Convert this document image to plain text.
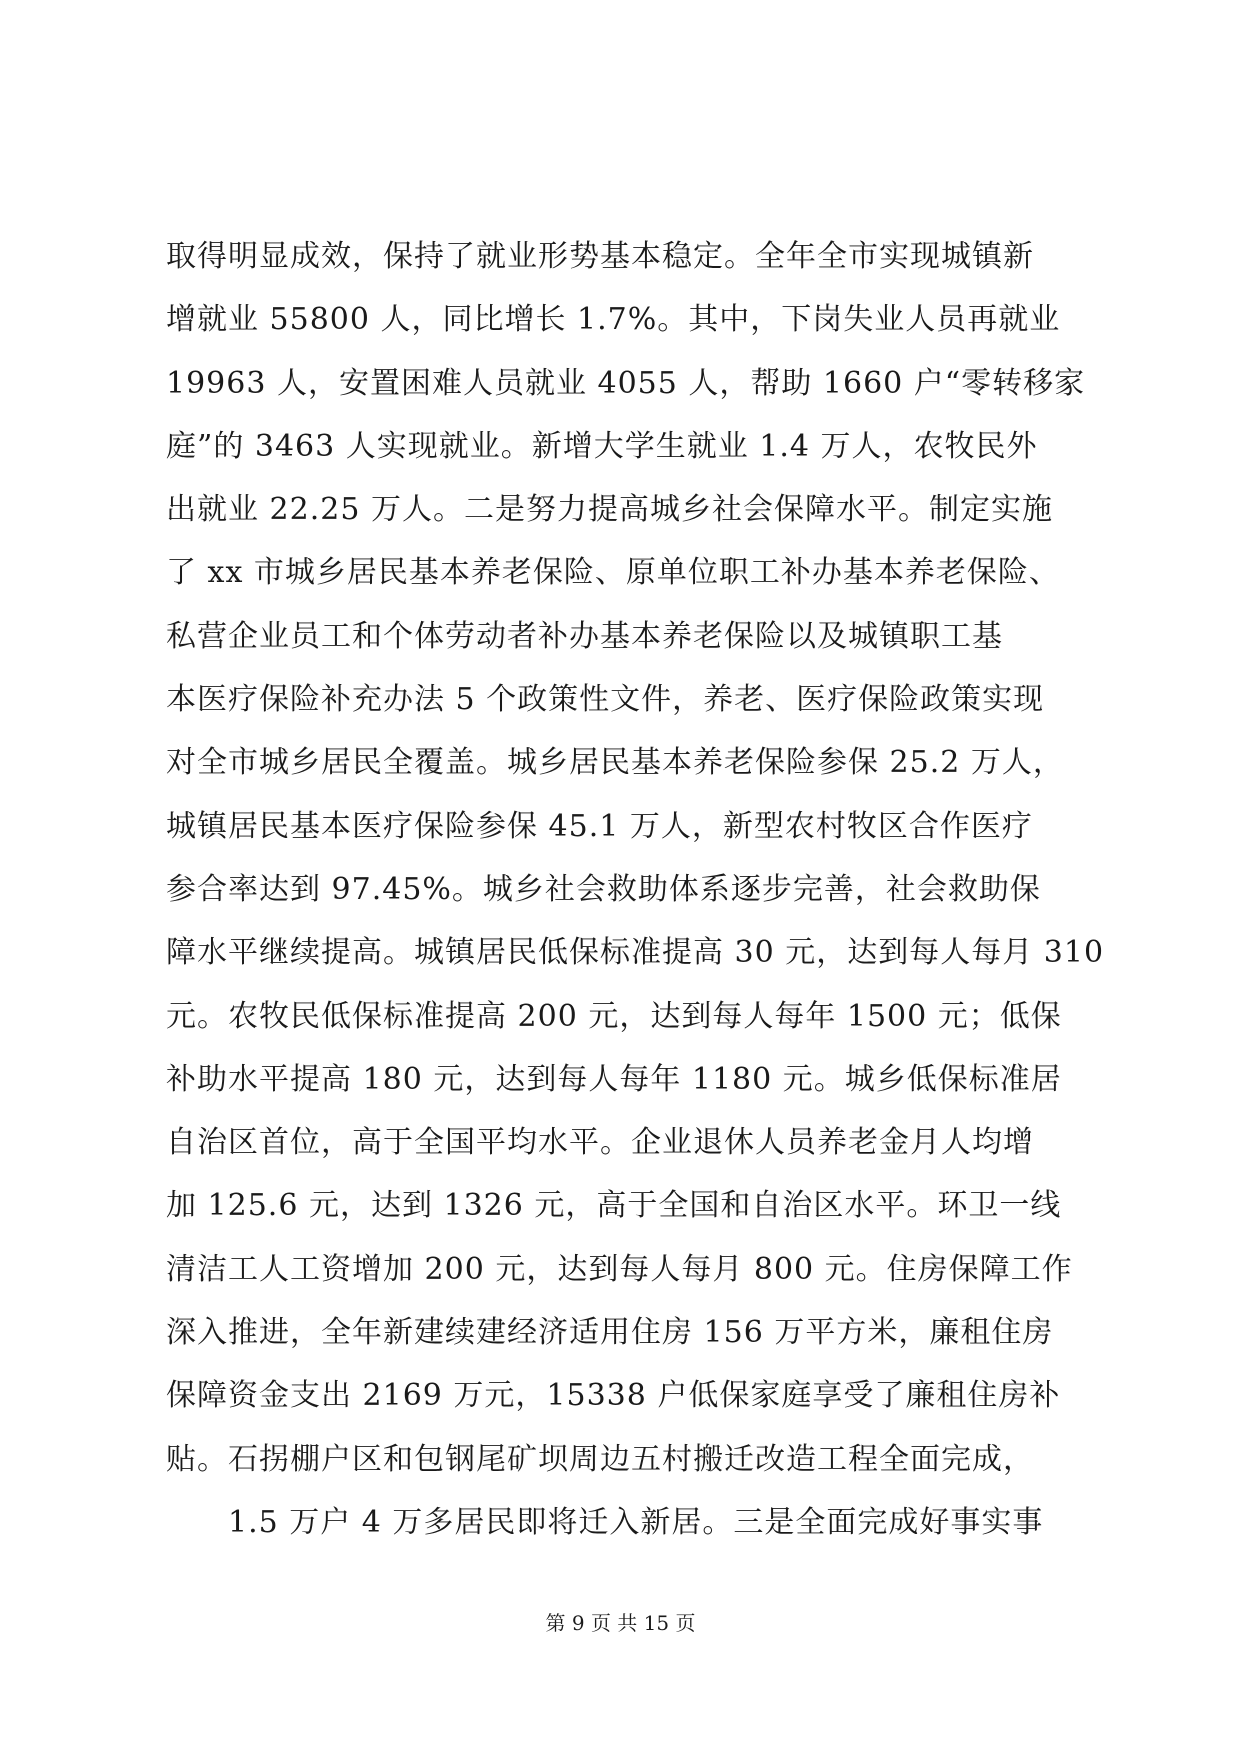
取得明显成效，保持了就业形势基本稳定。全年全市实现城镇新

增就业 55800 人，同比增长 1.7%。其中，下岗失业人员再就业

19963 人，安置困难人员就业 4055 人，帮助 1660 户“零转移家

庭”的 3463 人实现就业。新增大学生就业 1.4 万人，农牧民外

出就业 22.25 万人。二是努力提高城乡社会保障水平。制定实施

了 xx 市城乡居民基本养老保险、原单位职工补办基本养老保险、

私营企业员工和个体劳动者补办基本养老保险以及城镇职工基

本医疗保险补充办法 5 个政策性文件，养老、医疗保险政策实现

对全市城乡居民全覆盖。城乡居民基本养老保险参保 25.2 万人，

城镇居民基本医疗保险参保 45.1 万人，新型农村牧区合作医疗

参合率达到 97.45%。城乡社会救助体系逐步完善，社会救助保

障水平继续提高。城镇居民低保标准提高 30 元，达到每人每月 310

元。农牧民低保标准提高 200 元，达到每人每年 1500 元；低保

补助水平提高 180 元，达到每人每年 1180 元。城乡低保标准居

自治区首位，高于全国平均水平。企业退休人员养老金月人均增

加 125.6 元，达到 1326 元，高于全国和自治区水平。环卫一线

清洁工人工资增加 200 元，达到每人每月 800 元。住房保障工作

深入推进，全年新建续建经济适用住房 156 万平方米，廉租住房

保障资金支出 2169 万元，15338 户低保家庭享受了廉租住房补

贴。石拐棚户区和包钢尾矿坝周边五村搬迁改造工程全面完成，

1.5 万户 4 万多居民即将迁入新居。三是全面完成好事实事

第 9 页 共 15 页
